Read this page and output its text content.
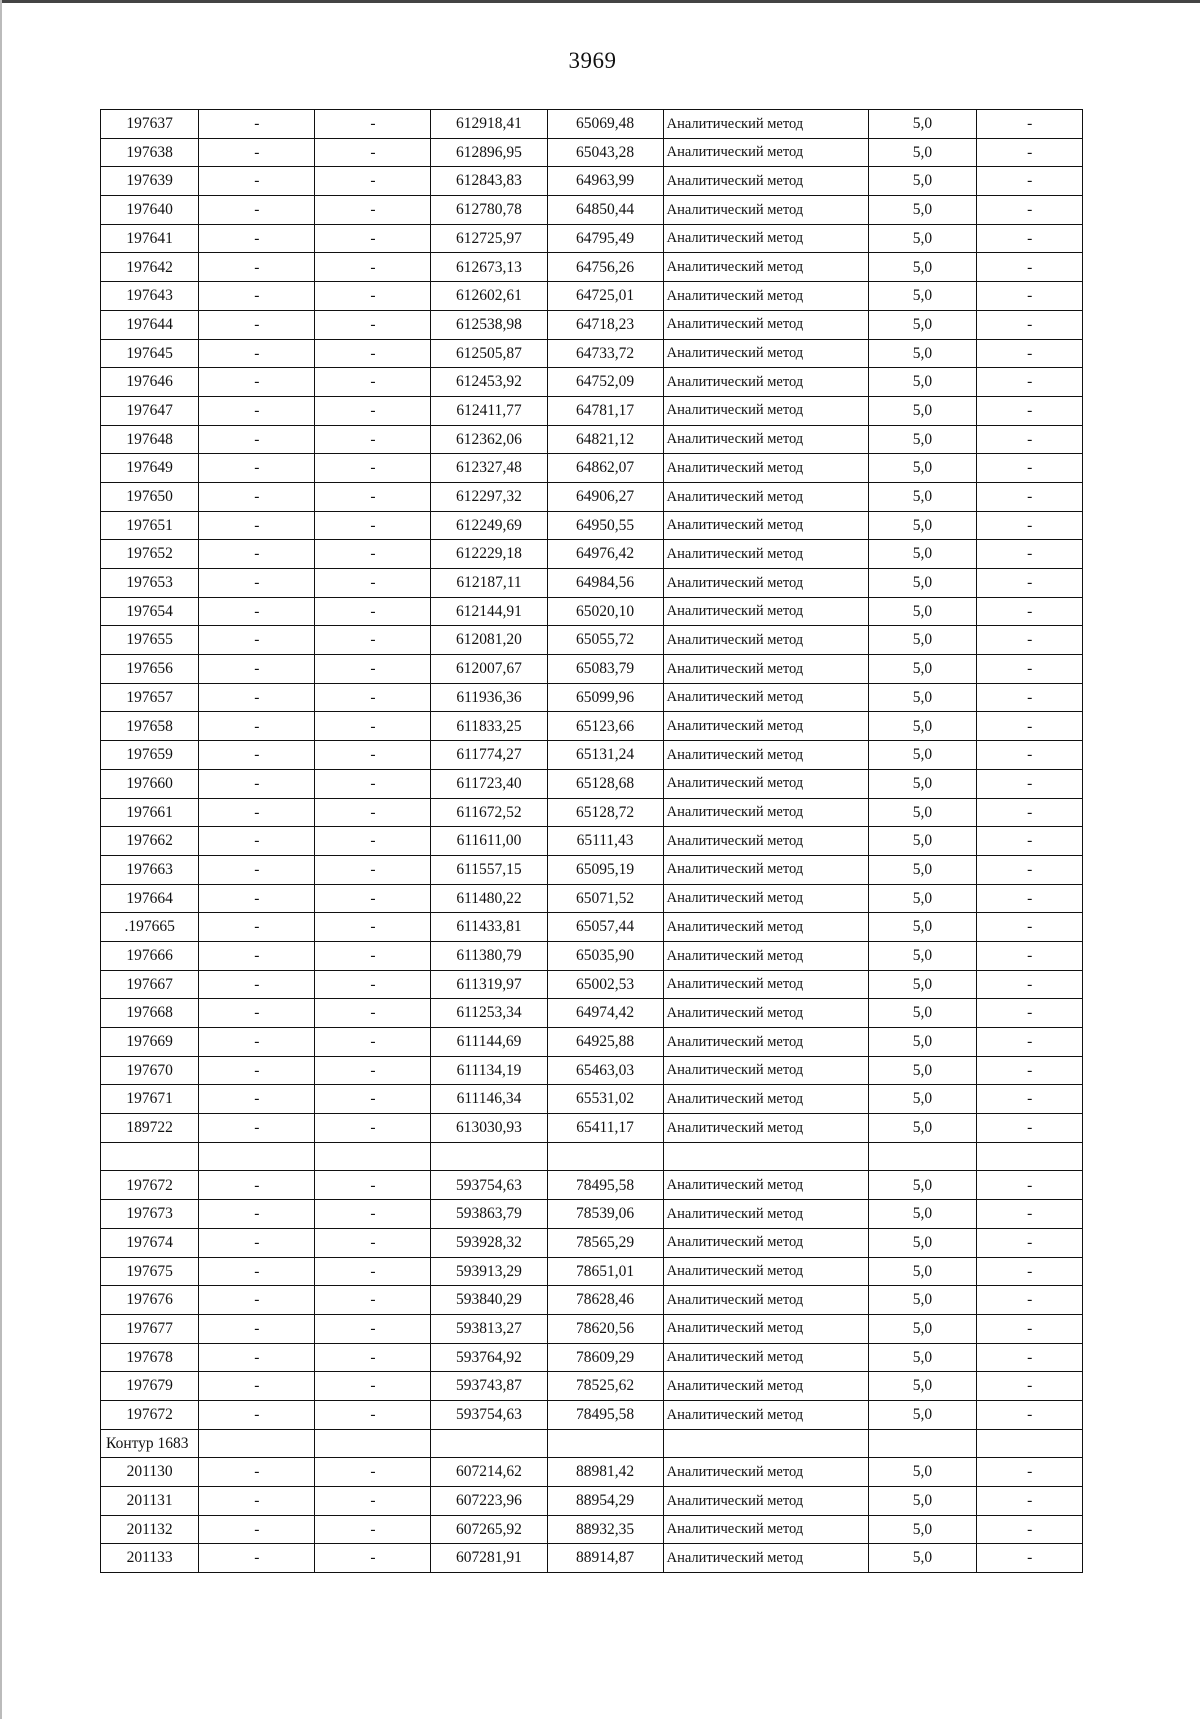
3969
197637	-	-	612918,41	65069,48	Аналитический метод	5,0	-
197638	-	-	612896,95	65043,28	Аналитический метод	5,0	-
197639	-	-	612843,83	64963,99	Аналитический метод	5,0	-
197640	-	-	612780,78	64850,44	Аналитический метод	5,0	-
197641	-	-	612725,97	64795,49	Аналитический метод	5,0	-
197642	-	-	612673,13	64756,26	Аналитический метод	5,0	-
197643	-	-	612602,61	64725,01	Аналитический метод	5,0	-
197644	-	-	612538,98	64718,23	Аналитический метод	5,0	-
197645	-	-	612505,87	64733,72	Аналитический метод	5,0	-
197646	-	-	612453,92	64752,09	Аналитический метод	5,0	-
197647	-	-	612411,77	64781,17	Аналитический метод	5,0	-
197648	-	-	612362,06	64821,12	Аналитический метод	5,0	-
197649	-	-	612327,48	64862,07	Аналитический метод	5,0	-
197650	-	-	612297,32	64906,27	Аналитический метод	5,0	-
197651	-	-	612249,69	64950,55	Аналитический метод	5,0	-
197652	-	-	612229,18	64976,42	Аналитический метод	5,0	-
197653	-	-	612187,11	64984,56	Аналитический метод	5,0	-
197654	-	-	612144,91	65020,10	Аналитический метод	5,0	-
197655	-	-	612081,20	65055,72	Аналитический метод	5,0	-
197656	-	-	612007,67	65083,79	Аналитический метод	5,0	-
197657	-	-	611936,36	65099,96	Аналитический метод	5,0	-
197658	-	-	611833,25	65123,66	Аналитический метод	5,0	-
197659	-	-	611774,27	65131,24	Аналитический метод	5,0	-
197660	-	-	611723,40	65128,68	Аналитический метод	5,0	-
197661	-	-	611672,52	65128,72	Аналитический метод	5,0	-
197662	-	-	611611,00	65111,43	Аналитический метод	5,0	-
197663	-	-	611557,15	65095,19	Аналитический метод	5,0	-
197664	-	-	611480,22	65071,52	Аналитический метод	5,0	-
.197665	-	-	611433,81	65057,44	Аналитический метод	5,0	-
197666	-	-	611380,79	65035,90	Аналитический метод	5,0	-
197667	-	-	611319,97	65002,53	Аналитический метод	5,0	-
197668	-	-	611253,34	64974,42	Аналитический метод	5,0	-
197669	-	-	611144,69	64925,88	Аналитический метод	5,0	-
197670	-	-	611134,19	65463,03	Аналитический метод	5,0	-
197671	-	-	611146,34	65531,02	Аналитический метод	5,0	-
189722	-	-	613030,93	65411,17	Аналитический метод	5,0	-

197672	-	-	593754,63	78495,58	Аналитический метод	5,0	-
197673	-	-	593863,79	78539,06	Аналитический метод	5,0	-
197674	-	-	593928,32	78565,29	Аналитический метод	5,0	-
197675	-	-	593913,29	78651,01	Аналитический метод	5,0	-
197676	-	-	593840,29	78628,46	Аналитический метод	5,0	-
197677	-	-	593813,27	78620,56	Аналитический метод	5,0	-
197678	-	-	593764,92	78609,29	Аналитический метод	5,0	-
197679	-	-	593743,87	78525,62	Аналитический метод	5,0	-
197672	-	-	593754,63	78495,58	Аналитический метод	5,0	-
Контур 1683							
201130	-	-	607214,62	88981,42	Аналитический метод	5,0	-
201131	-	-	607223,96	88954,29	Аналитический метод	5,0	-
201132	-	-	607265,92	88932,35	Аналитический метод	5,0	-
201133	-	-	607281,91	88914,87	Аналитический метод	5,0	-
